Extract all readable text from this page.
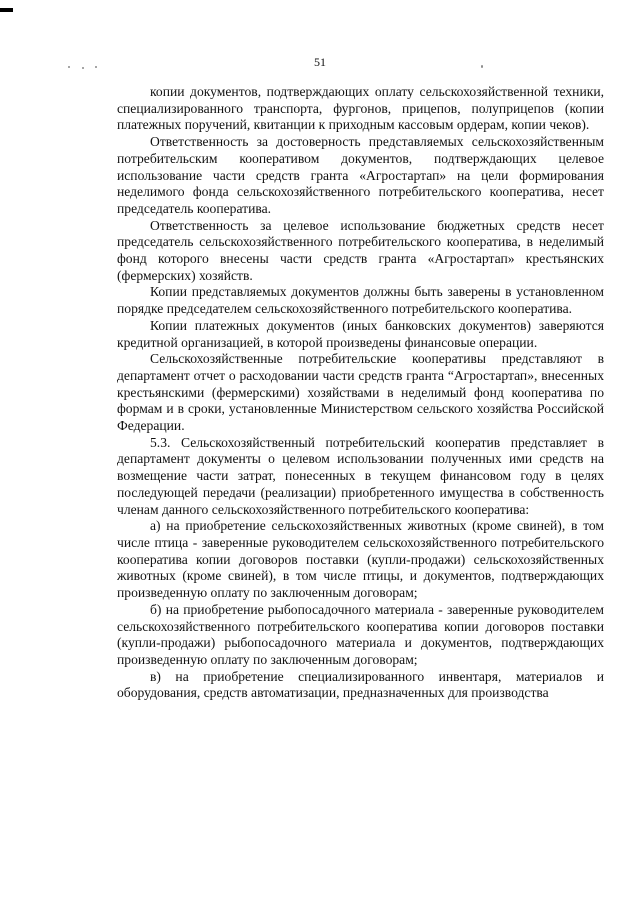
51

копии документов, подтверждающих оплату сельскохозяйственной техники, специализированного транспорта, фургонов, прицепов, полуприцепов (копии платежных поручений, квитанции к приходным кассовым ордерам, копии чеков).

Ответственность за достоверность представляемых сельскохозяйственным потребительским кооперативом документов, подтверждающих целевое использование части средств гранта «Агростартап» на цели формирования неделимого фонда сельскохозяйственного потребительского кооператива, несет председатель кооператива.

Ответственность за целевое использование бюджетных средств несет председатель сельскохозяйственного потребительского кооператива, в неделимый фонд которого внесены части средств гранта «Агростартап» крестьянских (фермерских) хозяйств.

Копии представляемых документов должны быть заверены в установленном порядке председателем сельскохозяйственного потребительского кооператива.

Копии платежных документов (иных банковских документов) заверяются кредитной организацией, в которой произведены финансовые операции.

Сельскохозяйственные потребительские кооперативы представляют в департамент отчет о расходовании части средств гранта “Агростартап», внесенных крестьянскими (фермерскими) хозяйствами в неделимый фонд кооператива по формам и в сроки, установленные Министерством сельского хозяйства Российской Федерации.

5.3. Сельскохозяйственный потребительский кооператив представляет в департамент документы о целевом использовании полученных ими средств на возмещение части затрат, понесенных в текущем финансовом году в целях последующей передачи (реализации) приобретенного имущества в собственность членам данного сельскохозяйственного потребительского кооператива:

а) на приобретение сельскохозяйственных животных (кроме свиней), в том числе птица - заверенные руководителем сельскохозяйственного потребительского кооператива копии договоров поставки (купли-продажи) сельскохозяйственных животных (кроме свиней), в том числе птицы, и документов, подтверждающих произведенную оплату по заключенным договорам;

б) на приобретение рыбопосадочного материала - заверенные руководителем сельскохозяйственного потребительского кооператива копии договоров поставки (купли-продажи) рыбопосадочного материала и документов, подтверждающих произведенную оплату по заключенным договорам;

в) на приобретение специализированного инвентаря, материалов и оборудования, средств автоматизации, предназначенных для производства
